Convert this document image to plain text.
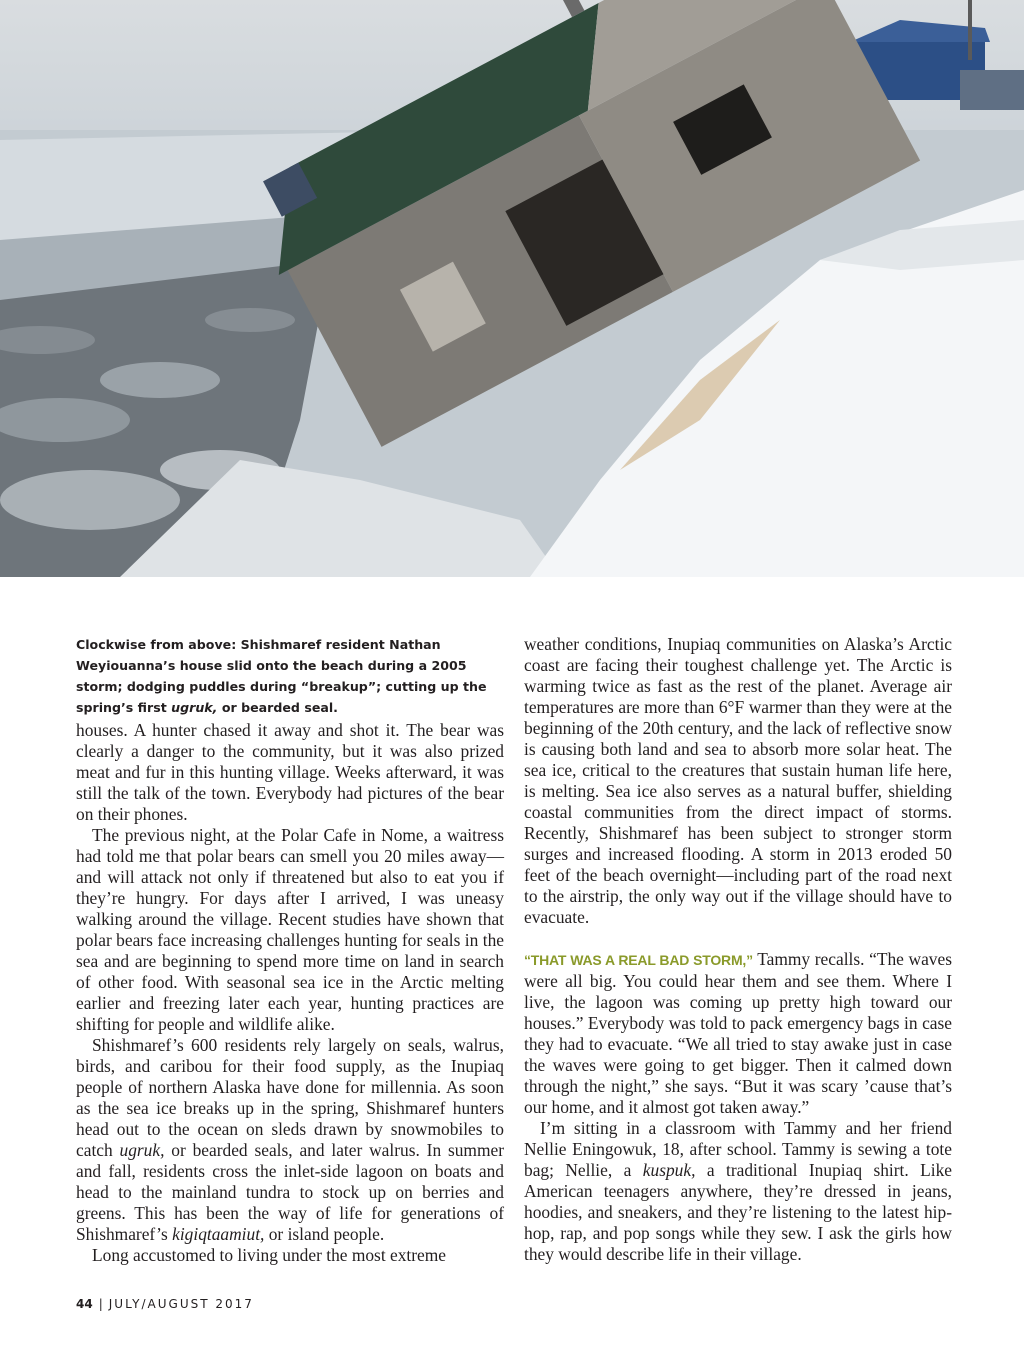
Clockwise from above: Shishmaref resident Nathan Weyiouanna’s house slid onto the beach during a 2005 storm; dodging puddles during “breakup”; cutting up the spring’s first ugruk, or bearded seal.

houses. A hunter chased it away and shot it. The bear was clearly a danger to the community, but it was also prized meat and fur in this hunting village. Weeks afterward, it was still the talk of the town. Everybody had pictures of the bear on their phones.

The previous night, at the Polar Cafe in Nome, a waitress had told me that polar bears can smell you 20 miles away—and will attack not only if threatened but also to eat you if they’re hungry. For days after I arrived, I was uneasy walking around the village. Recent studies have shown that polar bears face increasing challenges hunting for seals in the sea and are beginning to spend more time on land in search of other food. With seasonal sea ice in the Arctic melting earlier and freezing later each year, hunting practices are shifting for people and wildlife alike.

Shishmaref’s 600 residents rely largely on seals, walrus, birds, and caribou for their food supply, as the Inupiaq people of northern Alaska have done for millennia. As soon as the sea ice breaks up in the spring, Shishmaref hunters head out to the ocean on sleds drawn by snowmobiles to catch ugruk, or bearded seals, and later walrus. In summer and fall, residents cross the inlet-side lagoon on boats and head to the mainland tundra to stock up on berries and greens. This has been the way of life for generations of Shishmaref’s kigiqtaamiut, or island people.

Long accustomed to living under the most extreme

weather conditions, Inupiaq communities on Alaska’s Arctic coast are facing their toughest challenge yet. The Arctic is warming twice as fast as the rest of the planet. Average air temperatures are more than 6°F warmer than they were at the beginning of the 20th century, and the lack of reflective snow is causing both land and sea to absorb more solar heat. The sea ice, critical to the creatures that sustain human life here, is melting. Sea ice also serves as a natural buffer, shielding coastal communities from the direct impact of storms. Recently, Shishmaref has been subject to stronger storm surges and increased flooding. A storm in 2013 eroded 50 feet of the beach overnight—including part of the road next to the airstrip, the only way out if the village should have to evacuate.

“THAT WAS A REAL BAD STORM,” Tammy recalls. “The waves were all big. You could hear them and see them. Where I live, the lagoon was coming up pretty high toward our houses.” Everybody was told to pack emergency bags in case they had to evacuate. “We all tried to stay awake just in case the waves were going to get bigger. Then it calmed down through the night,” she says. “But it was scary ’cause that’s our home, and it almost got taken away.”

I’m sitting in a classroom with Tammy and her friend Nellie Eningowuk, 18, after school. Tammy is sewing a tote bag; Nellie, a kuspuk, a traditional Inupiaq shirt. Like American teenagers anywhere, they’re dressed in jeans, hoodies, and sneakers, and they’re listening to the latest hip-hop, rap, and pop songs while they sew. I ask the girls how they would describe life in their village.

44 | JULY/AUGUST 2017
